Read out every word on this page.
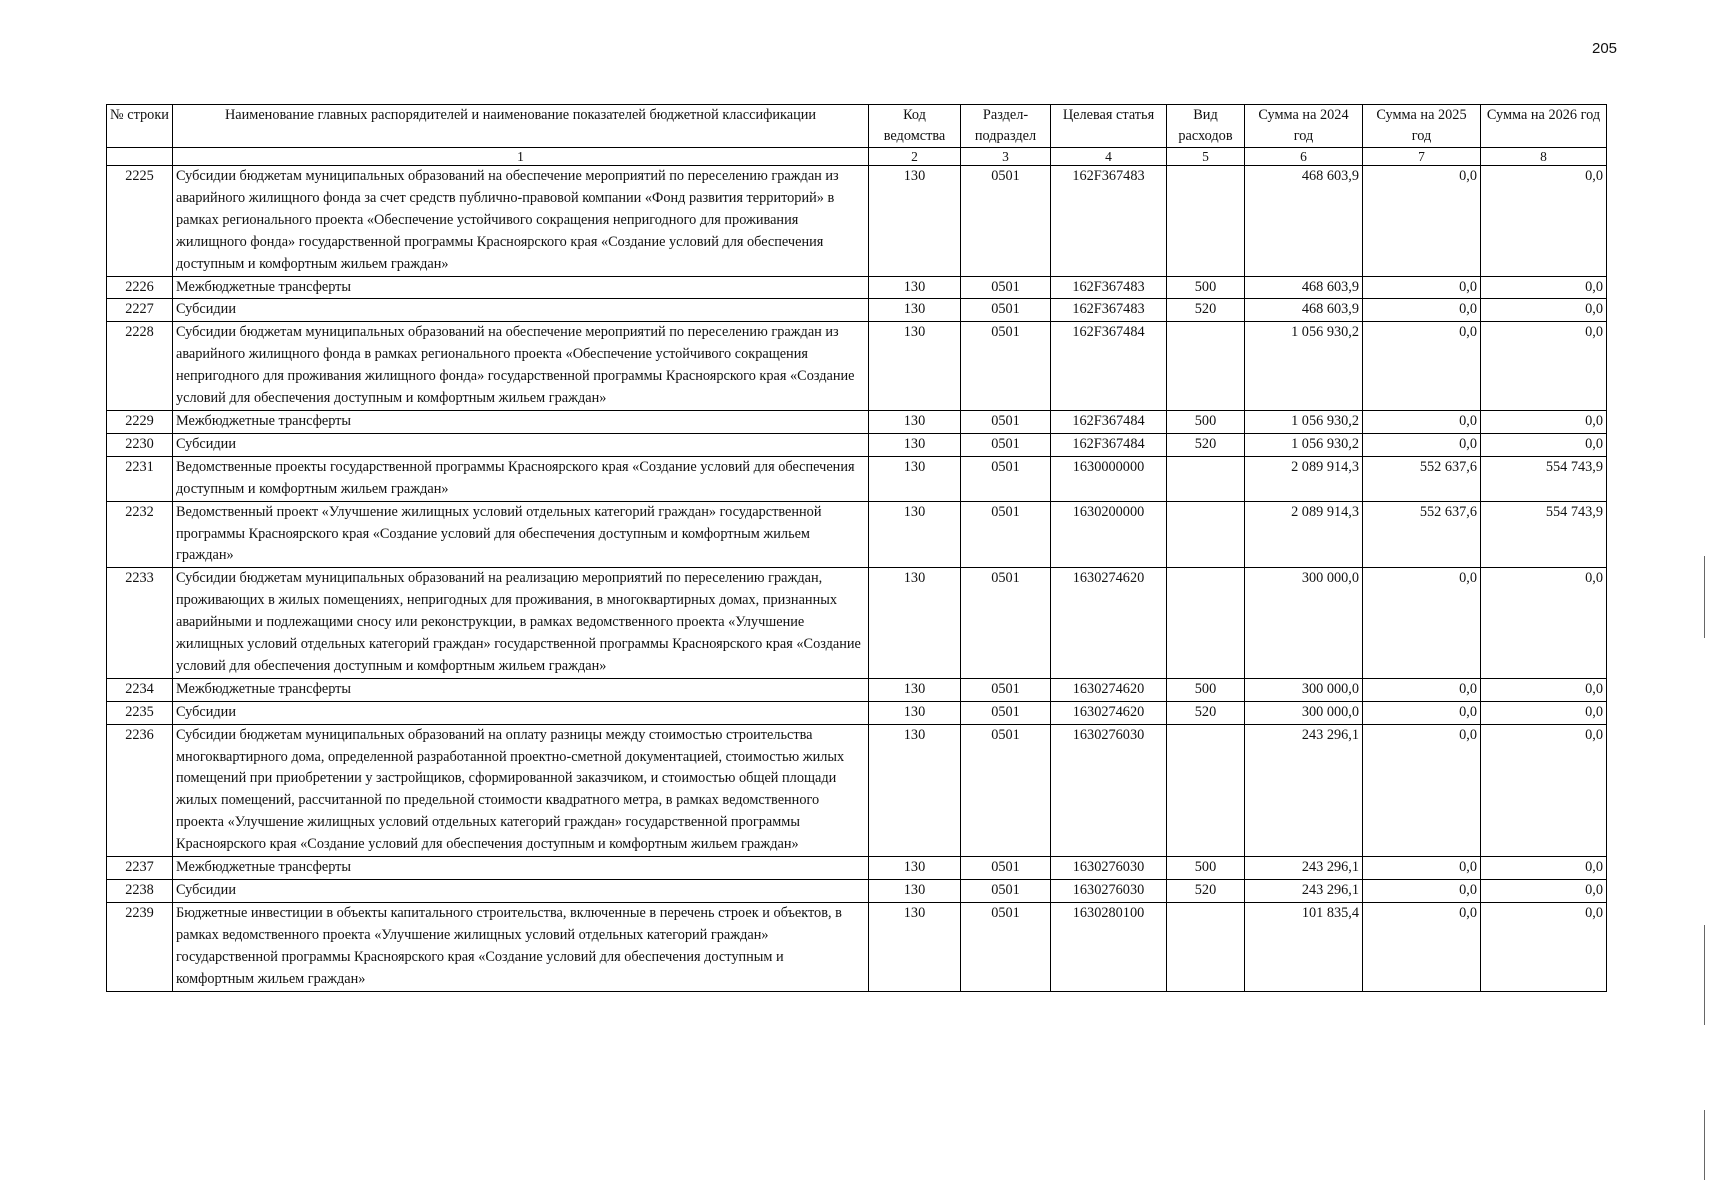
205
№ строки	Наименование главных распорядителей и наименование показателей бюджетной классификации	Код ведомства	Раздел-подраздел	Целевая статья	Вид расходов	Сумма на 2024 год	Сумма на 2025 год	Сумма на 2026 год
	1	2	3	4	5	6	7	8
2225	Субсидии бюджетам муниципальных образований на обеспечение мероприятий по переселению граждан из аварийного жилищного фонда за счет средств публично-правовой компании «Фонд развития территорий» в рамках регионального проекта «Обеспечение устойчивого сокращения непригодного для проживания жилищного фонда» государственной программы Красноярского края «Создание условий для обеспечения доступным и комфортным жильем граждан»	130	0501	162F367483		468 603,9	0,0	0,0
2226	Межбюджетные трансферты	130	0501	162F367483	500	468 603,9	0,0	0,0
2227	Субсидии	130	0501	162F367483	520	468 603,9	0,0	0,0
2228	Субсидии бюджетам муниципальных образований на обеспечение мероприятий по переселению граждан из аварийного жилищного фонда в рамках регионального проекта «Обеспечение устойчивого сокращения непригодного для проживания жилищного фонда» государственной программы Красноярского края «Создание условий для обеспечения доступным и комфортным жильем граждан»	130	0501	162F367484		1 056 930,2	0,0	0,0
2229	Межбюджетные трансферты	130	0501	162F367484	500	1 056 930,2	0,0	0,0
2230	Субсидии	130	0501	162F367484	520	1 056 930,2	0,0	0,0
2231	Ведомственные проекты государственной программы Красноярского края «Создание условий для обеспечения доступным и комфортным жильем граждан»	130	0501	1630000000		2 089 914,3	552 637,6	554 743,9
2232	Ведомственный проект «Улучшение жилищных условий отдельных категорий граждан» государственной программы Красноярского края «Создание условий для обеспечения доступным и комфортным жильем граждан»	130	0501	1630200000		2 089 914,3	552 637,6	554 743,9
2233	Субсидии бюджетам муниципальных образований на реализацию мероприятий по переселению граждан, проживающих в жилых помещениях, непригодных для проживания, в многоквартирных домах, признанных аварийными и подлежащими сносу или реконструкции, в рамках ведомственного проекта «Улучшение жилищных условий отдельных категорий граждан» государственной программы Красноярского края «Создание условий для обеспечения доступным и комфортным жильем граждан»	130	0501	1630274620		300 000,0	0,0	0,0
2234	Межбюджетные трансферты	130	0501	1630274620	500	300 000,0	0,0	0,0
2235	Субсидии	130	0501	1630274620	520	300 000,0	0,0	0,0
2236	Субсидии бюджетам муниципальных образований на оплату разницы между стоимостью строительства многоквартирного дома, определенной разработанной проектно-сметной документацией, стоимостью жилых помещений при приобретении у застройщиков, сформированной заказчиком, и стоимостью общей площади жилых помещений, рассчитанной по предельной стоимости квадратного метра, в рамках ведомственного проекта «Улучшение жилищных условий отдельных категорий граждан» государственной программы Красноярского края «Создание условий для обеспечения доступным и комфортным жильем граждан»	130	0501	1630276030		243 296,1	0,0	0,0
2237	Межбюджетные трансферты	130	0501	1630276030	500	243 296,1	0,0	0,0
2238	Субсидии	130	0501	1630276030	520	243 296,1	0,0	0,0
2239	Бюджетные инвестиции в объекты капитального строительства, включенные в перечень строек и объектов, в рамках ведомственного проекта «Улучшение жилищных условий отдельных категорий граждан» государственной программы Красноярского края «Создание условий для обеспечения доступным и комфортным жильем граждан»	130	0501	1630280100		101 835,4	0,0	0,0
